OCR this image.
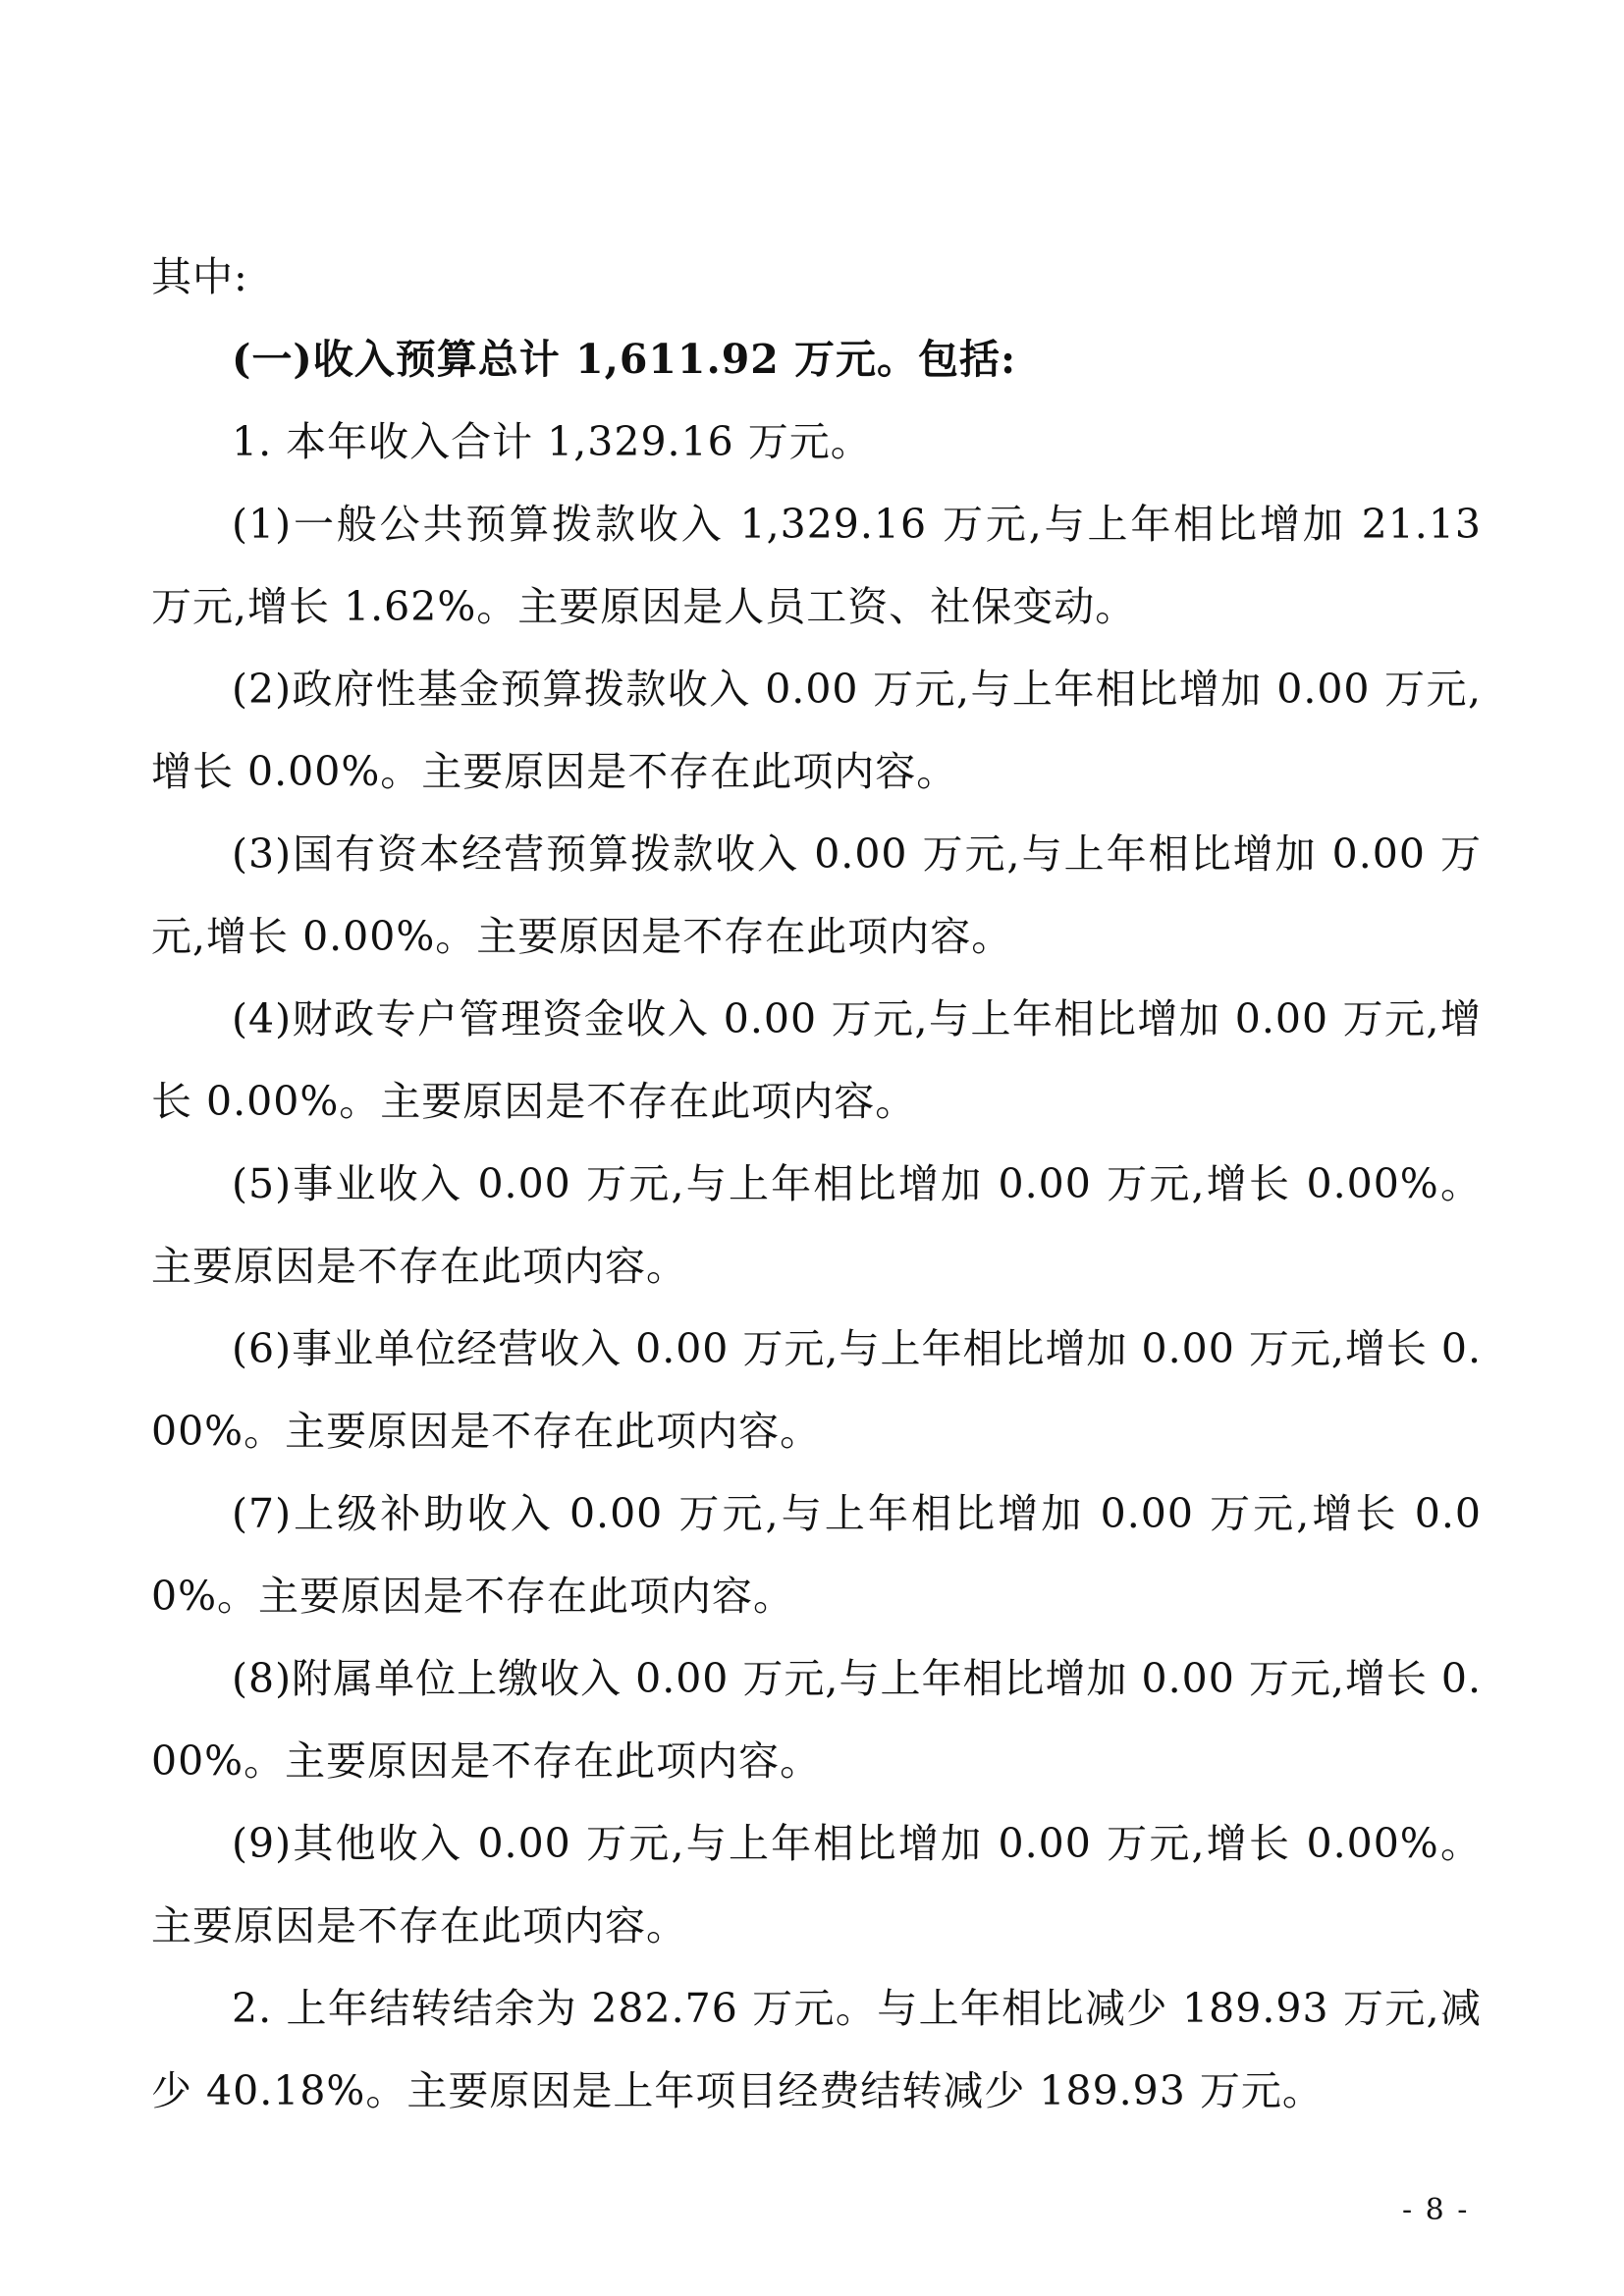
其中:

(一)收入预算总计 1,611.92 万元。包括:

1. 本年收入合计 1,329.16 万元。

(1)一般公共预算拨款收入 1,329.16 万元,与上年相比增加 21.13 万元,增长 1.62%。主要原因是人员工资、社保变动。

(2)政府性基金预算拨款收入 0.00 万元,与上年相比增加 0.00 万元,增长 0.00%。主要原因是不存在此项内容。

(3)国有资本经营预算拨款收入 0.00 万元,与上年相比增加 0.00 万元,增长 0.00%。主要原因是不存在此项内容。

(4)财政专户管理资金收入 0.00 万元,与上年相比增加 0.00 万元,增长 0.00%。主要原因是不存在此项内容。

(5)事业收入 0.00 万元,与上年相比增加 0.00 万元,增长 0.00%。主要原因是不存在此项内容。

(6)事业单位经营收入 0.00 万元,与上年相比增加 0.00 万元,增长 0.00%。主要原因是不存在此项内容。

(7)上级补助收入 0.00 万元,与上年相比增加 0.00 万元,增长 0.00%。主要原因是不存在此项内容。

(8)附属单位上缴收入 0.00 万元,与上年相比增加 0.00 万元,增长 0.00%。主要原因是不存在此项内容。

(9)其他收入 0.00 万元,与上年相比增加 0.00 万元,增长 0.00%。主要原因是不存在此项内容。

2. 上年结转结余为 282.76 万元。与上年相比减少 189.93 万元,减少 40.18%。主要原因是上年项目经费结转减少 189.93 万元。

- 8 -
